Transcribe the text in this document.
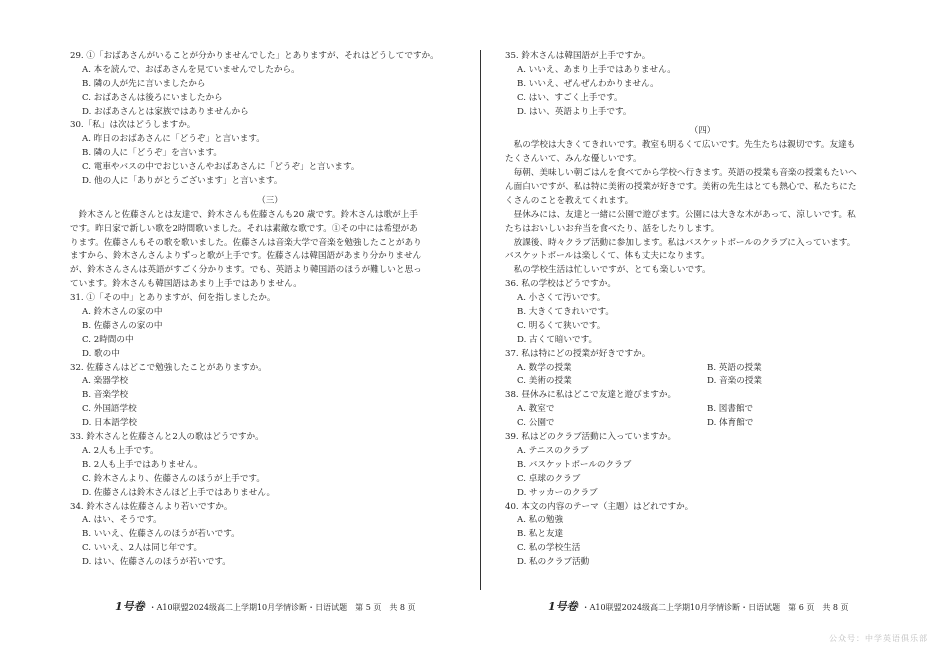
29. ①「おばあさんがいることが分かりませんでした」とありますが、それはどうしてですか。
A. 本を読んで、おばあさんを見ていませんでしたから。
B. 隣の人が先に言いましたから
C. おばあさんは後ろにいましたから
D. おばあさんとは家族ではありませんから
30.「私」は次はどうしますか。
A. 昨日のおばあさんに「どうぞ」と言います。
B. 隣の人に「どうぞ」を言います。
C. 電車やバスの中でおじいさんやおばあさんに「どうぞ」と言います。
D. 他の人に「ありがとうございます」と言います。
（三）
　鈴木さんと佐藤さんとは友達で、鈴木さんも佐藤さんも20 歳です。鈴木さんは歌が上手
です。昨日家で新しい歌を2時間歌いました。それは素敵な歌です。①その中には希望があ
ります。佐藤さんもその歌を歌いました。佐藤さんは音楽大学で音楽を勉強したことがあり
ますから、鈴木さんさんよりずっと歌が上手です。佐藤さんは韓国語があまり分かりません
が、鈴木さんさんは英語がすごく分かります。でも、英語より韓国語のほうが難しいと思っ
ています。鈴木さんも韓国語はあまり上手ではありません。
31. ①「その中」とありますが、何を指しましたか。
A. 鈴木さんの家の中
B. 佐藤さんの家の中
C. 2時間の中
D. 歌の中
32. 佐藤さんはどこで勉強したことがありますか。
A. 楽器学校
B. 音楽学校
C. 外国語学校
D. 日本語学校
33. 鈴木さんと佐藤さんと2人の歌はどうですか。
A. 2人も上手です。
B. 2人も上手ではありません。
C. 鈴木さんより、佐藤さんのほうが上手です。
D. 佐藤さんは鈴木さんほど上手ではありません。
34. 鈴木さんは佐藤さんより若いですか。
A. はい、そうです。
B. いいえ、佐藤さんのほうが若いです。
C. いいえ、2人は同じ年です。
D. はい、佐藤さんのほうが若いです。
35. 鈴木さんは韓国語が上手ですか。
A. いいえ、あまり上手ではありません。
B. いいえ、ぜんぜんわかりません。
C. はい、すごく上手です。
D. はい、英語より上手です。
（四）
　私の学校は大きくてきれいです。教室も明るくて広いです。先生たちは親切です。友達も
たくさんいて、みんな優しいです。
　毎朝、美味しい朝ごはんを食べてから学校へ行きます。英語の授業も音楽の授業もたいへ
ん面白いですが、私は特に美術の授業が好きです。美術の先生はとても熱心で、私たちにた
くさんのことを教えてくれます。
　昼休みには、友達と一緒に公園で遊びます。公園には大きな木があって、涼しいです。私
たちはおいしいお弁当を食べたり、話をしたりします。
　放課後、時々クラブ活動に参加します。私はバスケットボールのクラブに入っています。
バスケットボールは楽しくて、体も丈夫になります。
　私の学校生活は忙しいですが、とても楽しいです。
36. 私の学校はどうですか。
A. 小さくて汚いです。
B. 大きくてきれいです。
C. 明るくて狭いです。
D. 古くて暗いです。
37. 私は特にどの授業が好きですか。
A. 数学の授業	B. 英語の授業
C. 美術の授業	D. 音楽の授業
38. 昼休みに私はどこで友達と遊びますか。
A. 教室で	B. 図書館で
C. 公園で	D. 体育館で
39. 私はどのクラブ活動に入っていますか。
A. テニスのクラブ
B. バスケットボールのクラブ
C. 卓球のクラブ
D. サッカーのクラブ
40. 本文の内容のテーマ（主題）はどれですか。
A. 私の勉強
B. 私と友達
C. 私の学校生活
D. 私のクラブ活動
1号卷 ・A10联盟2024级高二上学期10月学情诊断・日语试题　第 5 页　共 8 页	1号卷 ・A10联盟2024级高二上学期10月学情诊断・日语试题　第 6 页　共 8 页
公众号：中学英语俱乐部
